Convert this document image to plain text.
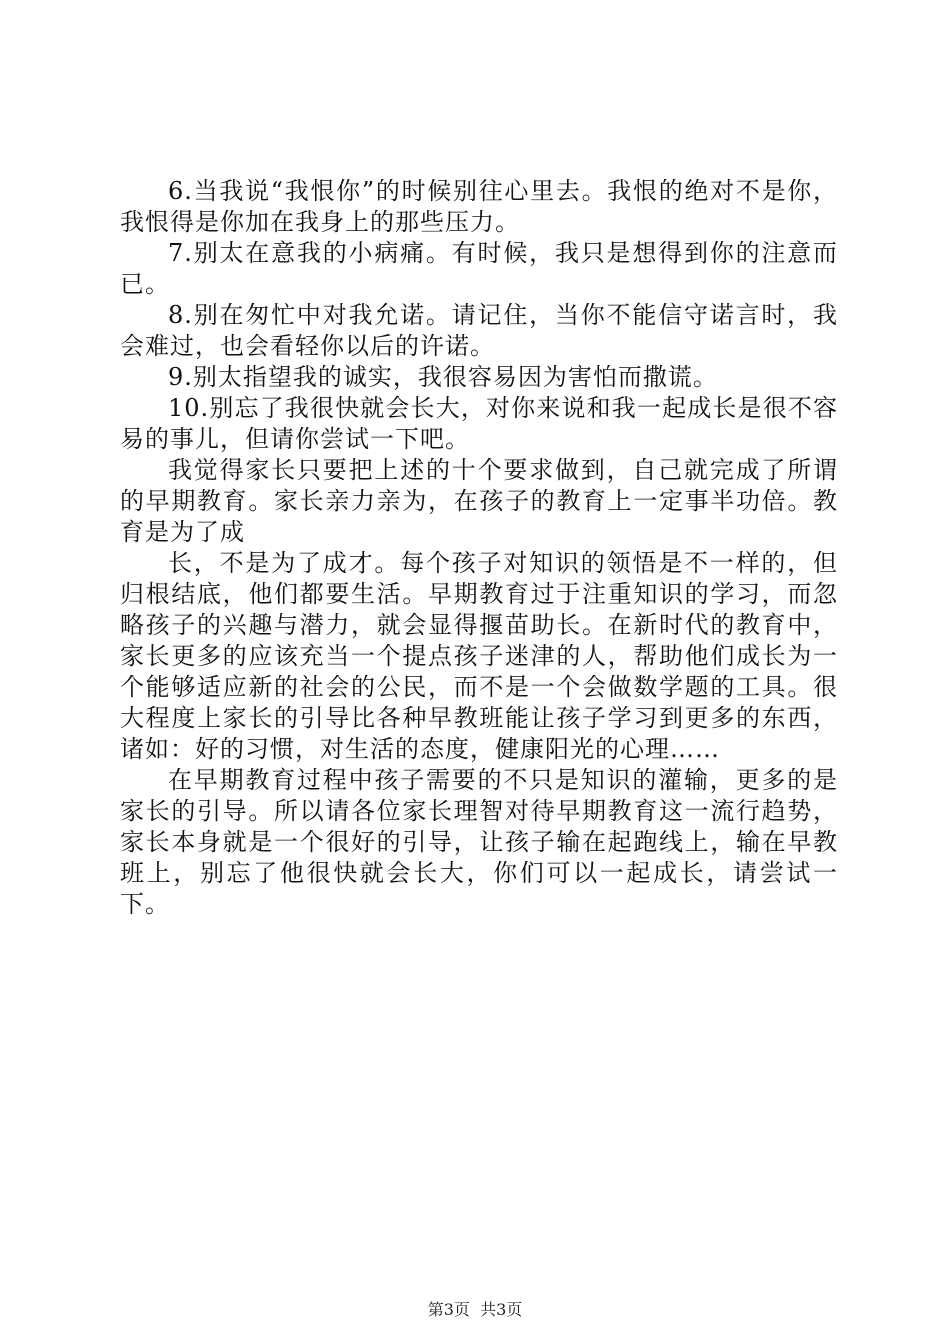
6.当我说“我恨你”的时候别往心里去。我恨的绝对不是你，我恨得是你加在我身上的那些压力。

7.别太在意我的小病痛。有时候，我只是想得到你的注意而已。

8.别在匆忙中对我允诺。请记住，当你不能信守诺言时，我会难过，也会看轻你以后的许诺。

9.别太指望我的诚实，我很容易因为害怕而撒谎。

10.别忘了我很快就会长大，对你来说和我一起成长是很不容易的事儿，但请你尝试一下吧。

我觉得家长只要把上述的十个要求做到，自己就完成了所谓的早期教育。家长亲力亲为，在孩子的教育上一定事半功倍。教育是为了成

长，不是为了成才。每个孩子对知识的领悟是不一样的，但归根结底，他们都要生活。早期教育过于注重知识的学习，而忽略孩子的兴趣与潜力，就会显得揠苗助长。在新时代的教育中，家长更多的应该充当一个提点孩子迷津的人，帮助他们成长为一个能够适应新的社会的公民，而不是一个会做数学题的工具。很大程度上家长的引导比各种早教班能让孩子学习到更多的东西，诸如：好的习惯，对生活的态度，健康阳光的心理……

在早期教育过程中孩子需要的不只是知识的灌输，更多的是家长的引导。所以请各位家长理智对待早期教育这一流行趋势，家长本身就是一个很好的引导，让孩子输在起跑线上，输在早教班上，别忘了他很快就会长大，你们可以一起成长，请尝试一下。

第3页  共3页
